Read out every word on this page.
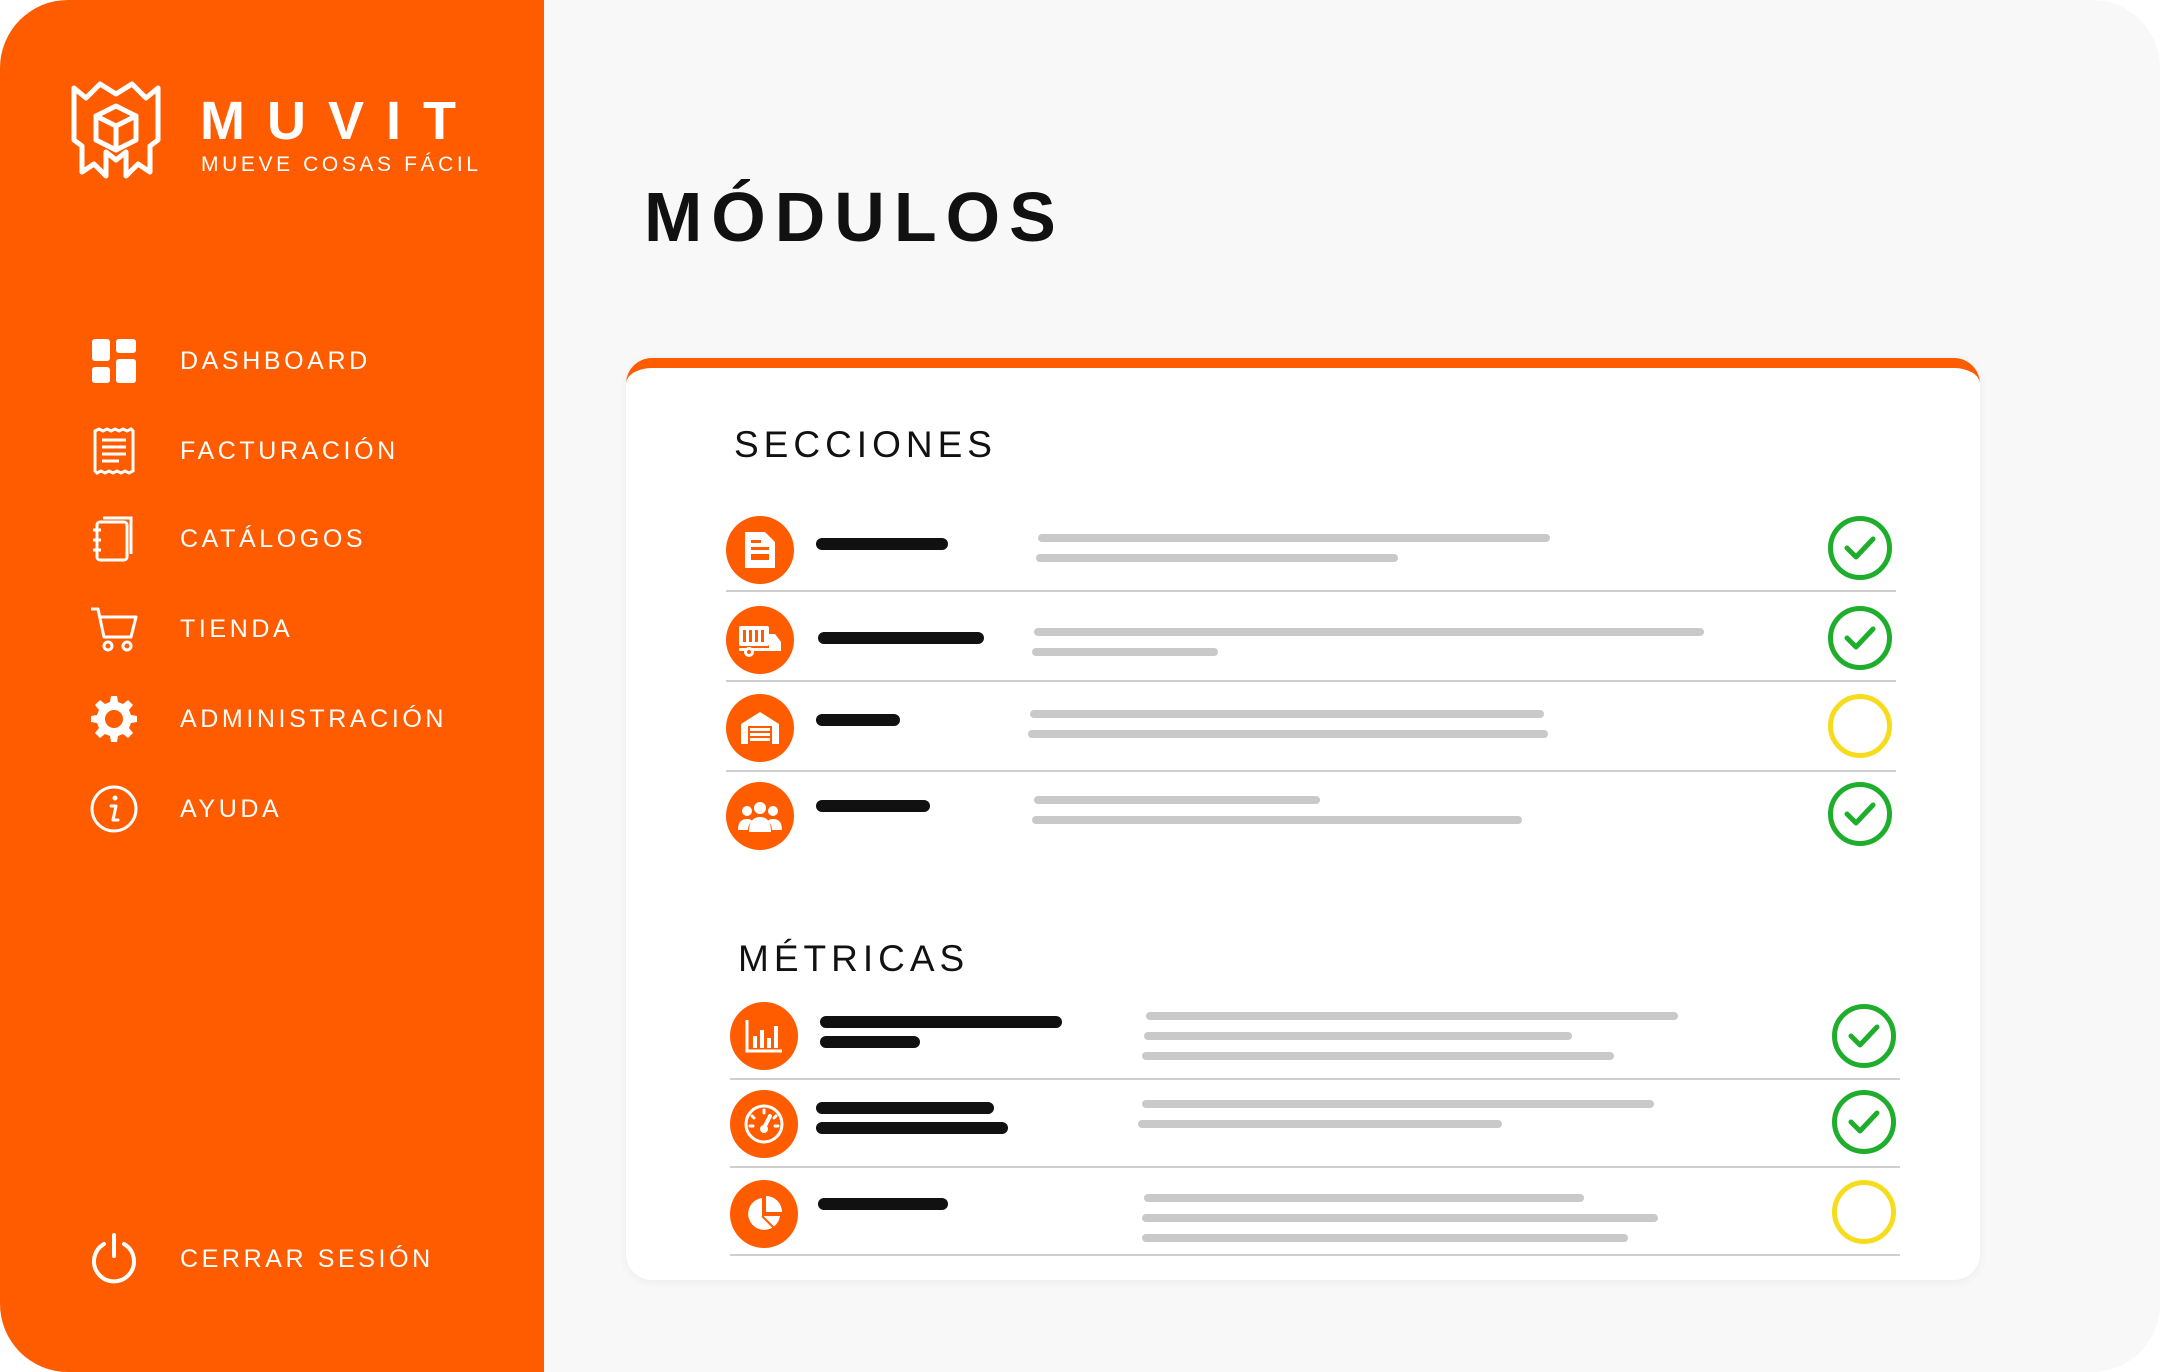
MUVIT
MUEVE COSAS FÁCIL
DASHBOARD
FACTURACIÓN
CATÁLOGOS
TIENDA
ADMINISTRACIÓN
AYUDA
CERRAR SESIÓN
MÓDULOS
SECCIONES
MÉTRICAS
